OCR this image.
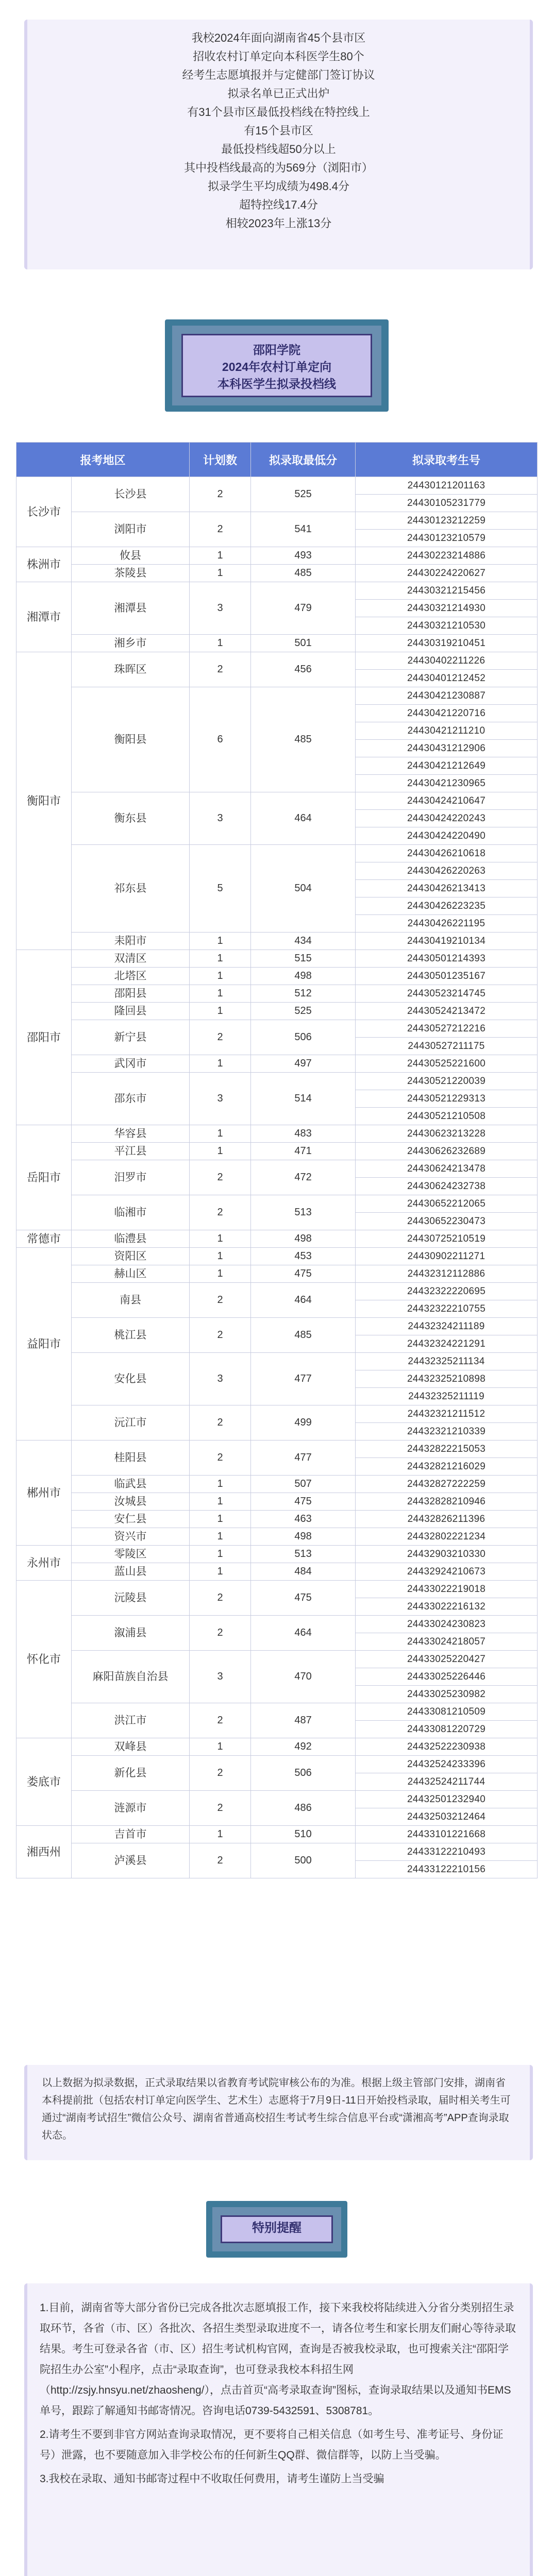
我校2024年面向湖南省45个县市区
招收农村订单定向本科医学生80个
经考生志愿填报并与定健部门签订协议
拟录名单已正式出炉
有31个县市区最低投档线在特控线上
有15个县市区
最低投档线超50分以上
其中投档线最高的为569分（浏阳市）
拟录学生平均成绩为498.4分
超特控线17.4分
相较2023年上涨13分
邵阳学院
2024年农村订单定向
本科医学生拟录投档线
报考地区		计划数	拟录取最低分	拟录取考生号
长沙市	长沙县	2	525	24430121201163
				24430105231779
	浏阳市	2	541	24430123212259
				24430123210579
株洲市	攸县	1	493	24430223214886
	茶陵县	1	485	24430224220627
湘潭市	湘潭县	3	479	24430321215456
				24430321214930
				24430321210530
	湘乡市	1	501	24430319210451
衡阳市	珠晖区	2	456	24430402211226
				24430401212452
	衡阳县	6	485	24430421230887
				24430421220716
				24430421211210
				24430431212906
				24430421212649
				24430421230965
	衡东县	3	464	24430424210647
				24430424220243
				24430424220490
	祁东县	5	504	24430426210618
				24430426220263
				24430426213413
				24430426223235
				24430426221195
	耒阳市	1	434	24430419210134
邵阳市	双清区	1	515	24430501214393
	北塔区	1	498	24430501235167
	邵阳县	1	512	24430523214745
	隆回县	1	525	24430524213472
	新宁县	2	506	24430527212216
				24430527211175
	武冈市	1	497	24430525221600
	邵东市	3	514	24430521220039
				24430521229313
				24430521210508
岳阳市	华容县	1	483	24430623213228
	平江县	1	471	24430626232689
	汨罗市	2	472	24430624213478
				24430624232738
	临湘市	2	513	24430652212065
				24430652230473
常德市	临澧县	1	498	24430725210519
益阳市	资阳区	1	453	24430902211271
	赫山区	1	475	24432312112886
	南县	2	464	24432322220695
				24432322210755
	桃江县	2	485	24432324211189
				24432324221291
	安化县	3	477	24432325211134
				24432325210898
				24432325211119
	沅江市	2	499	24432321211512
				24432321210339
郴州市	桂阳县	2	477	24432822215053
				24432821216029
	临武县	1	507	24432827222259
	汝城县	1	475	24432828210946
	安仁县	1	463	24432826211396
	资兴市	1	498	24432802221234
永州市	零陵区	1	513	24432903210330
	蓝山县	1	484	24432924210673
怀化市	沅陵县	2	475	24433022219018
				24433022216132
	溆浦县	2	464	24433024230823
				24433024218057
	麻阳苗族自治县	3	470	24433025220427
				24433025226446
				24433025230982
	洪江市	2	487	24433081210509
				24433081220729
娄底市	双峰县	1	492	24432522230938
	新化县	2	506	24432524233396
				24432524211744
	涟源市	2	486	24432501232940
				24432503212464
湘西州	吉首市	1	510	24433101221668
	泸溪县	2	500	24433122210493
				24433122210156

以上数据为拟录数据，正式录取结果以省教育考试院审核公布的为准。根据上级主管部门安排，湖南省本科提前批（包括农村订单定向医学生、艺术生）志愿将于7月9日-11日开始投档录取，届时相关考生可通过“湖南考试招生”微信公众号、湖南省普通高校招生考试考生综合信息平台或“潇湘高考”APP查询录取状态。

特别提醒

1.目前，湖南省等大部分省份已完成各批次志愿填报工作，接下来我校将陆续进入分省分类别招生录取环节，各省（市、区）各批次、各招生类型录取进度不一，请各位考生和家长朋友们耐心等待录取结果。考生可登录各省（市、区）招生考试机构官网，查询是否被我校录取，也可搜索关注“邵阳学院招生办公室”小程序，点击“录取查询”，也可登录我校本科招生网（http://zsjy.hnsyu.net/zhaosheng/），点击首页“高考录取查询”图标，查询录取结果以及通知书EMS单号，跟踪了解通知书邮寄情况。咨询电话0739-5432591、5308781。

2.请考生不要到非官方网站查询录取情况，更不要将自己相关信息（如考生号、准考证号、身份证号）泄露，也不要随意加入非学校公布的任何新生QQ群、微信群等，以防上当受骗。

3.我校在录取、通知书邮寄过程中不收取任何费用，请考生谨防上当受骗
